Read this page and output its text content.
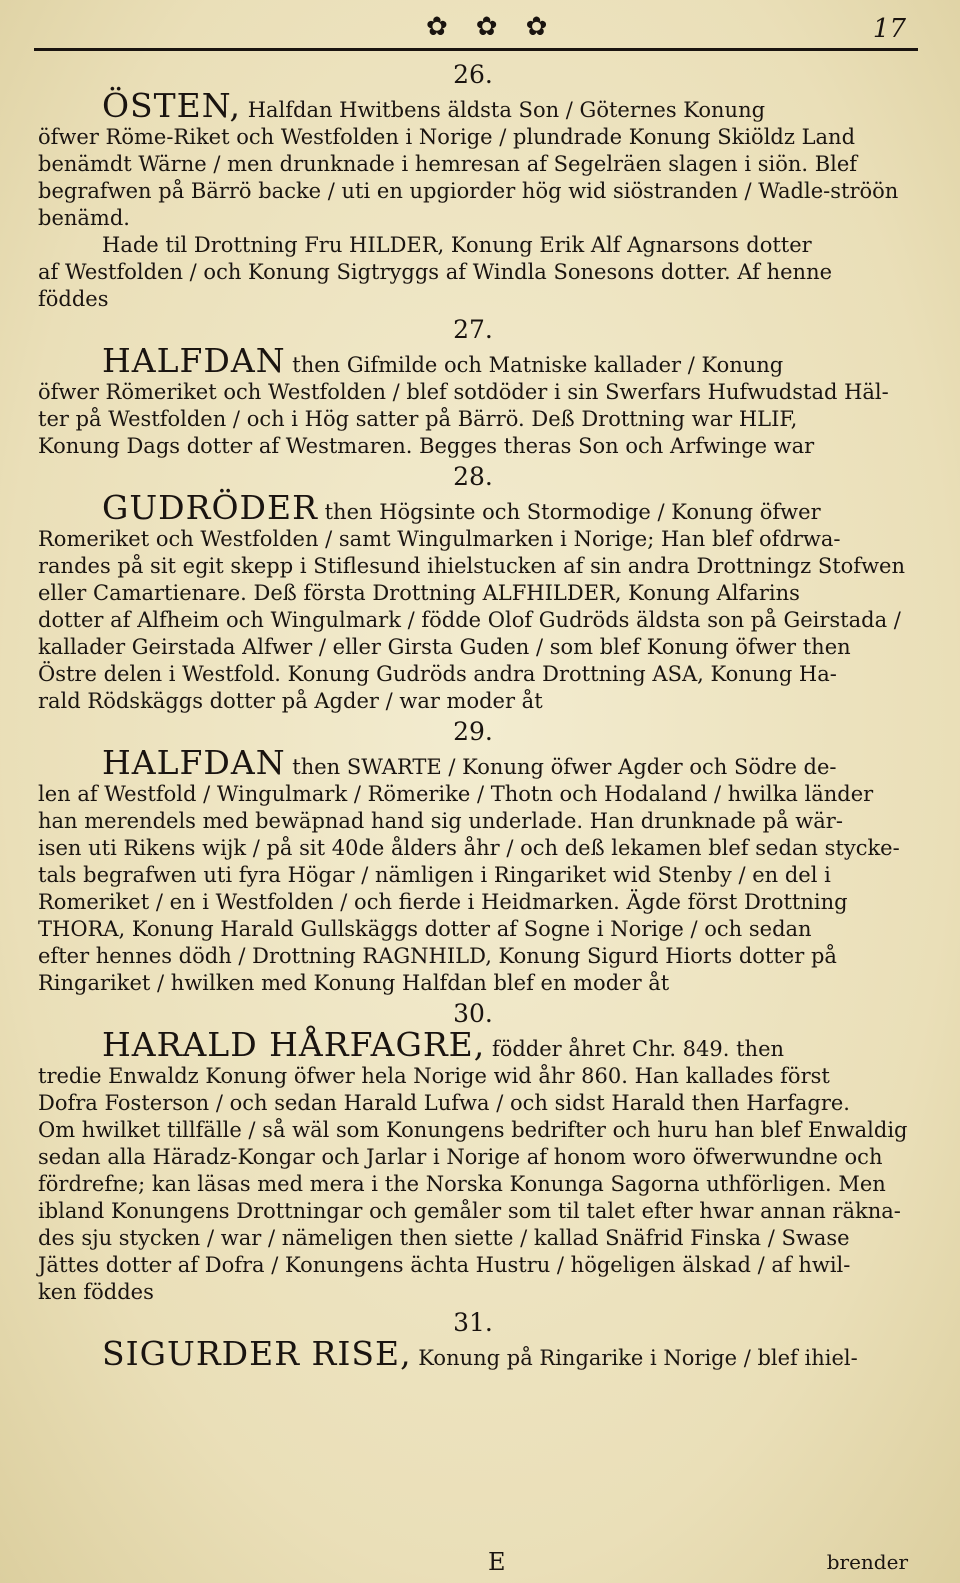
✿ ✿ ✿	17
26.
ÖSTEN, Halfdan Hwitbens äldsta Son / Göternes Konung
öfwer Röme-Riket och Westfolden i Norige / plundrade Konung Skiöldz Land
benämdt Wärne / men drunknade i hemresan af Segelräen slagen i siön. Blef
begrafwen på Bärrö backe / uti en upgiorder hög wid siöstranden / Wadle-ströön
benämd.
Hade til Drottning Fru HILDER, Konung Erik Alf Agnarsons dotter
af Westfolden / och Konung Sigtryggs af Windla Sonesons dotter. Af henne
föddes
27.
HALFDAN then Gifmilde och Matniske kallader / Konung
öfwer Römeriket och Westfolden / blef sotdöder i sin Swerfars Hufwudstad Häl-
ter på Westfolden / och i Hög satter på Bärrö. Deß Drottning war HLIF,
Konung Dags dotter af Westmaren. Begges theras Son och Arfwinge war
28.
GUDRÖDER then Högsinte och Stormodige / Konung öfwer
Romeriket och Westfolden / samt Wingulmarken i Norige; Han blef ofdrwa-
randes på sit egit skepp i Stiflesund ihielstucken af sin andra Drottningz Stofwen
eller Camartienare. Deß första Drottning ALFHILDER, Konung Alfarins
dotter af Alfheim och Wingulmark / födde Olof Gudröds äldsta son på Geirstada /
kallader Geirstada Alfwer / eller Girsta Guden / som blef Konung öfwer then
Östre delen i Westfold. Konung Gudröds andra Drottning ASA, Konung Ha-
rald Rödskäggs dotter på Agder / war moder åt
29.
HALFDAN then SWARTE / Konung öfwer Agder och Södre de-
len af Westfold / Wingulmark / Römerike / Thotn och Hodaland / hwilka länder
han merendels med bewäpnad hand sig underlade. Han drunknade på wär-
isen uti Rikens wijk / på sit 40de ålders åhr / och deß lekamen blef sedan stycke-
tals begrafwen uti fyra Högar / nämligen i Ringariket wid Stenby / en del i
Romeriket / en i Westfolden / och fierde i Heidmarken. Ägde först Drottning
THORA, Konung Harald Gullskäggs dotter af Sogne i Norige / och sedan
efter hennes dödh / Drottning RAGNHILD, Konung Sigurd Hiorts dotter på
Ringariket / hwilken med Konung Halfdan blef en moder åt
30.
HARALD HÅRFAGRE, födder åhret Chr. 849. then
tredie Enwaldz Konung öfwer hela Norige wid åhr 860. Han kallades först
Dofra Fosterson / och sedan Harald Lufwa / och sidst Harald then Harfagre.
Om hwilket tillfälle / så wäl som Konungens bedrifter och huru han blef Enwaldig
sedan alla Häradz-Kongar och Jarlar i Norige af honom woro öfwerwundne och
fördrefne; kan läsas med mera i the Norska Konunga Sagorna uthförligen. Men
ibland Konungens Drottningar och gemåler som til talet efter hwar annan räkna-
des sju stycken / war / nämeligen then siette / kallad Snäfrid Finska / Swase
Jättes dotter af Dofra / Konungens ächta Hustru / högeligen älskad / af hwil-
ken föddes
31.
SIGURDER RISE, Konung på Ringarike i Norige / blef ihiel-
E	brender
